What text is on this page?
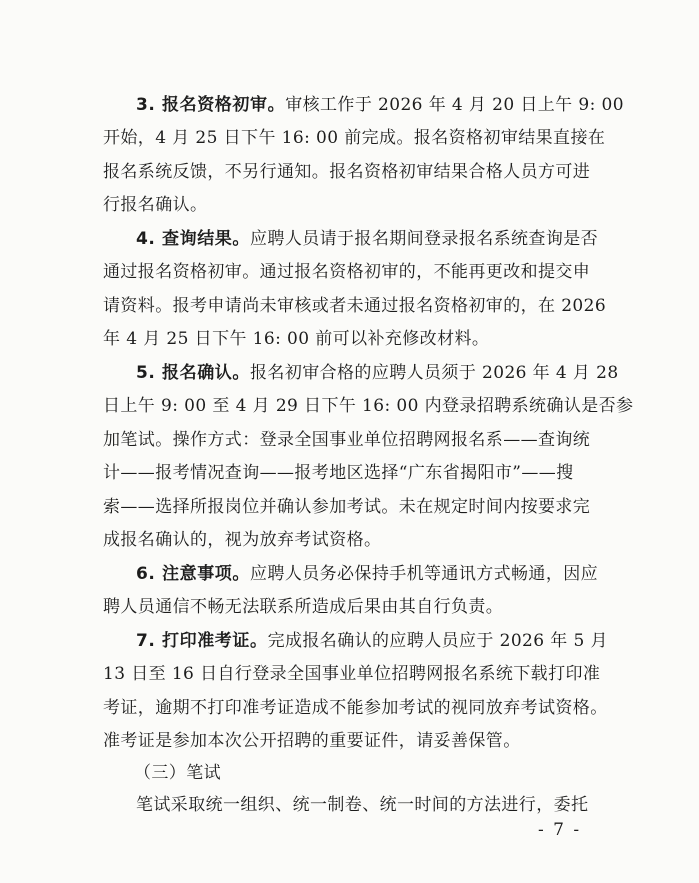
3. 报名资格初审。审核工作于 2026 年 4 月 20 日上午 9: 00
开始，4 月 25 日下午 16: 00 前完成。报名资格初审结果直接在
报名系统反馈，不另行通知。报名资格初审结果合格人员方可进
行报名确认。
4. 查询结果。应聘人员请于报名期间登录报名系统查询是否
通过报名资格初审。通过报名资格初审的，不能再更改和提交申
请资料。报考申请尚未审核或者未通过报名资格初审的，在 2026
年 4 月 25 日下午 16: 00 前可以补充修改材料。
5. 报名确认。报名初审合格的应聘人员须于 2026 年 4 月 28
日上午 9: 00 至 4 月 29 日下午 16: 00 内登录招聘系统确认是否参
加笔试。操作方式：登录全国事业单位招聘网报名系——查询统
计——报考情况查询——报考地区选择“广东省揭阳市”——搜
索——选择所报岗位并确认参加考试。未在规定时间内按要求完
成报名确认的，视为放弃考试资格。
6. 注意事项。应聘人员务必保持手机等通讯方式畅通，因应
聘人员通信不畅无法联系所造成后果由其自行负责。
7. 打印准考证。完成报名确认的应聘人员应于 2026 年 5 月
13 日至 16 日自行登录全国事业单位招聘网报名系统下载打印准
考证，逾期不打印准考证造成不能参加考试的视同放弃考试资格。
准考证是参加本次公开招聘的重要证件，请妥善保管。
（三）笔试
笔试采取统一组织、统一制卷、统一时间的方法进行，委托
- 7 -
